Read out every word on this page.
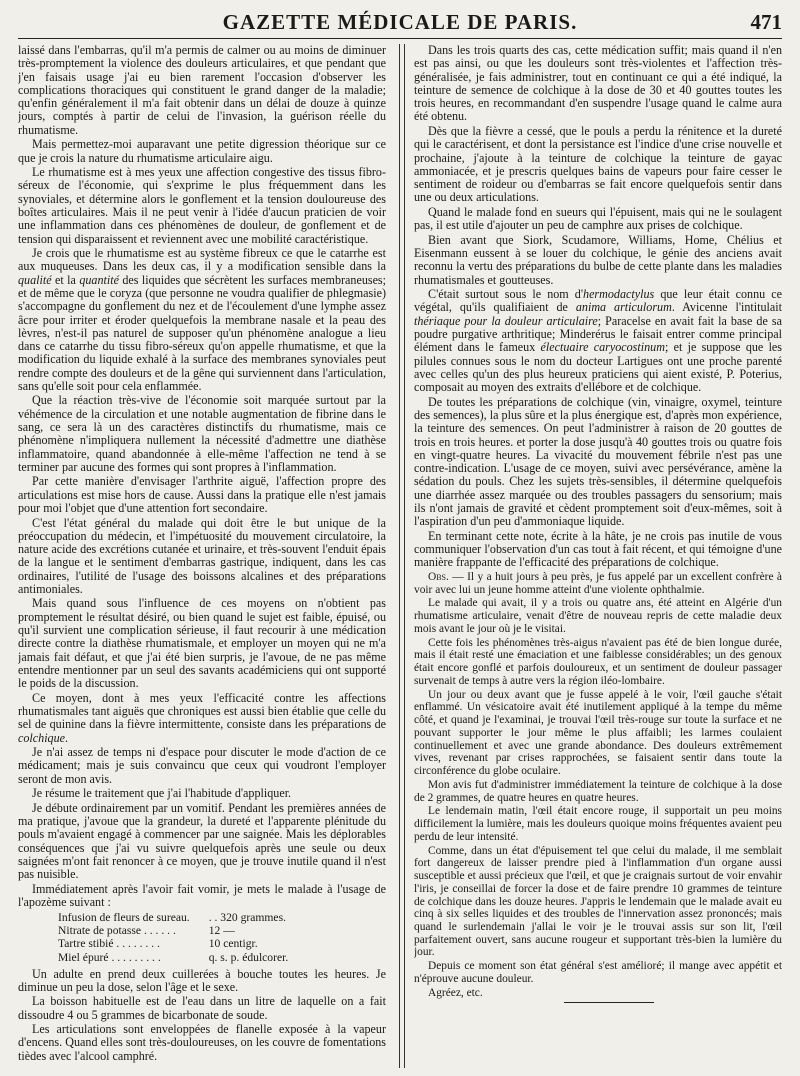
GAZETTE MÉDICALE DE PARIS.	471

laissé dans l'embarras, qu'il m'a permis de calmer ou au moins de diminuer très-promptement la violence des douleurs articulaires, et que pendant que j'en faisais usage j'ai eu bien rarement l'occasion d'observer les complications thoraciques qui constituent le grand danger de la maladie; qu'enfin généralement il m'a fait obtenir dans un délai de douze à quinze jours, comptés à partir de celui de l'invasion, la guérison réelle du rhumatisme.

Mais permettez-moi auparavant une petite digression théorique sur ce que je crois la nature du rhumatisme articulaire aigu.

Le rhumatisme est à mes yeux une affection congestive des tissus fibro-séreux de l'économie, qui s'exprime le plus fréquemment dans les synoviales, et détermine alors le gonflement et la tension douloureuse des boîtes articulaires. Mais il ne peut venir à l'idée d'aucun praticien de voir une inflammation dans ces phénomènes de douleur, de gonflement et de tension qui disparaissent et reviennent avec une mobilité caractéristique.

Je crois que le rhumatisme est au système fibreux ce que le catarrhe est aux muqueuses. Dans les deux cas, il y a modification sensible dans la qualité et la quantité des liquides que sécrètent les surfaces membraneuses; et de même que le coryza (que personne ne voudra qualifier de phlegmasie) s'accompagne du gonflement du nez et de l'écoulement d'une lymphe assez âcre pour irriter et éroder quelquefois la membrane nasale et la peau des lèvres, n'est-il pas naturel de supposer qu'un phénomène analogue a lieu dans ce catarrhe du tissu fibro-séreux qu'on appelle rhumatisme, et que la modification du liquide exhalé à la surface des membranes synoviales peut rendre compte des douleurs et de la gêne qui surviennent dans l'articulation, sans qu'elle soit pour cela enflammée.

Que la réaction très-vive de l'économie soit marquée surtout par la véhémence de la circulation et une notable augmentation de fibrine dans le sang, ce sera là un des caractères distinctifs du rhumatisme, mais ce phénomène n'impliquera nullement la nécessité d'admettre une diathèse inflammatoire, quand abandonnée à elle-même l'affection ne tend à se terminer par aucune des formes qui sont propres à l'inflammation.

Par cette manière d'envisager l'arthrite aiguë, l'affection propre des articulations est mise hors de cause. Aussi dans la pratique elle n'est jamais pour moi l'objet que d'une attention fort secondaire.

C'est l'état général du malade qui doit être le but unique de la préoccupation du médecin, et l'impétuosité du mouvement circulatoire, la nature acide des excrétions cutanée et urinaire, et très-souvent l'enduit épais de la langue et le sentiment d'embarras gastrique, indiquent, dans les cas ordinaires, l'utilité de l'usage des boissons alcalines et des préparations antimoniales.

Mais quand sous l'influence de ces moyens on n'obtient pas promptement le résultat désiré, ou bien quand le sujet est faible, épuisé, ou qu'il survient une complication sérieuse, il faut recourir à une médication directe contre la diathèse rhumatismale, et employer un moyen qui ne m'a jamais fait défaut, et que j'ai été bien surpris, je l'avoue, de ne pas même entendre mentionner par un seul des savants académiciens qui ont supporté le poids de la discussion.

Ce moyen, dont à mes yeux l'efficacité contre les affections rhumatismales tant aiguës que chroniques est aussi bien établie que celle du sel de quinine dans la fièvre intermittente, consiste dans les préparations de colchique.

Je n'ai assez de temps ni d'espace pour discuter le mode d'action de ce médicament; mais je suis convaincu que ceux qui voudront l'employer seront de mon avis.

Je résume le traitement que j'ai l'habitude d'appliquer.

Je débute ordinairement par un vomitif. Pendant les premières années de ma pratique, j'avoue que la grandeur, la dureté et l'apparente plénitude du pouls m'avaient engagé à commencer par une saignée. Mais les déplorables conséquences que j'ai vu suivre quelquefois après une seule ou deux saignées m'ont fait renoncer à ce moyen, que je trouve inutile quand il n'est pas nuisible.

Immédiatement après l'avoir fait vomir, je mets le malade à l'usage de l'apozème suivant :

Infusion de fleurs de sureau.	. . 320 grammes.
Nitrate de potasse . . . . . .	12 —
Tartre stibié . . . . . . . .	10 centigr.
Miel épuré . . . . . . . . .	q. s. p. édulcorer.

Un adulte en prend deux cuillerées à bouche toutes les heures. Je diminue un peu la dose, selon l'âge et le sexe.

La boisson habituelle est de l'eau dans un litre de laquelle on a fait dissoudre 4 ou 5 grammes de bicarbonate de soude.

Les articulations sont enveloppées de flanelle exposée à la vapeur d'encens. Quand elles sont très-douloureuses, on les couvre de fomentations tièdes avec l'alcool camphré.

Dans les trois quarts des cas, cette médication suffit; mais quand il n'en est pas ainsi, ou que les douleurs sont très-violentes et l'affection très-généralisée, je fais administrer, tout en continuant ce qui a été indiqué, la teinture de semence de colchique à la dose de 30 et 40 gouttes toutes les trois heures, en recommandant d'en suspendre l'usage quand le calme aura été obtenu.

Dès que la fièvre a cessé, que le pouls a perdu la rénitence et la dureté qui le caractérisent, et dont la persistance est l'indice d'une crise nouvelle et prochaine, j'ajoute à la teinture de colchique la teinture de gayac ammoniacée, et je prescris quelques bains de vapeurs pour faire cesser le sentiment de roideur ou d'embarras se fait encore quelquefois sentir dans une ou deux articulations.

Quand le malade fond en sueurs qui l'épuisent, mais qui ne le soulagent pas, il est utile d'ajouter un peu de camphre aux prises de colchique.

Bien avant que Siork, Scudamore, Williams, Home, Chélius et Eisenmann eussent à se louer du colchique, le génie des anciens avait reconnu la vertu des préparations du bulbe de cette plante dans les maladies rhumatismales et goutteuses.

C'était surtout sous le nom d'hermodactylus que leur était connu ce végétal, qu'ils qualifiaient de anima articulorum. Avicenne l'intitulait thériaque pour la douleur articulaire; Paracelse en avait fait la base de sa poudre purgative arthritique; Minderérus le faisait entrer comme principal élément dans le fameux électuaire caryocostinum; et je suppose que les pilules connues sous le nom du docteur Lartigues ont une proche parenté avec celles qu'un des plus heureux praticiens qui aient existé, P. Poterius, composait au moyen des extraits d'ellébore et de colchique.

De toutes les préparations de colchique (vin, vinaigre, oxymel, teinture des semences), la plus sûre et la plus énergique est, d'après mon expérience, la teinture des semences. On peut l'administrer à raison de 20 gouttes de trois en trois heures. et porter la dose jusqu'à 40 gouttes trois ou quatre fois en vingt-quatre heures. La vivacité du mouvement fébrile n'est pas une contre-indication. L'usage de ce moyen, suivi avec persévérance, amène la sédation du pouls. Chez les sujets très-sensibles, il détermine quelquefois une diarrhée assez marquée ou des troubles passagers du sensorium; mais ils n'ont jamais de gravité et cèdent promptement soit d'eux-mêmes, soit à l'aspiration d'un peu d'ammoniaque liquide.

En terminant cette note, écrite à la hâte, je ne crois pas inutile de vous communiquer l'observation d'un cas tout à fait récent, et qui témoigne d'une manière frappante de l'efficacité des préparations de colchique.

Obs. — Il y a huit jours à peu près, je fus appelé par un excellent confrère à voir avec lui un jeune homme atteint d'une violente ophthalmie.

Le malade qui avait, il y a trois ou quatre ans, été atteint en Algérie d'un rhumatisme articulaire, venait d'être de nouveau repris de cette maladie deux mois avant le jour où je le visitai.

Cette fois les phénomènes très-aigus n'avaient pas été de bien longue durée, mais il était resté une émaciation et une faiblesse considérables; un des genoux était encore gonflé et parfois douloureux, et un sentiment de douleur passager survenait de temps à autre vers la région iléo-lombaire.

Un jour ou deux avant que je fusse appelé à le voir, l'œil gauche s'était enflammé. Un vésicatoire avait été inutilement appliqué à la tempe du même côté, et quand je l'examinai, je trouvai l'œil très-rouge sur toute la surface et ne pouvant supporter le jour même le plus affaibli; les larmes coulaient continuellement et avec une grande abondance. Des douleurs extrêmement vives, revenant par crises rapprochées, se faisaient sentir dans toute la circonférence du globe oculaire.

Mon avis fut d'administrer immédiatement la teinture de colchique à la dose de 2 grammes, de quatre heures en quatre heures.

Le lendemain matin, l'œil était encore rouge, il supportait un peu moins difficilement la lumière, mais les douleurs quoique moins fréquentes avaient peu perdu de leur intensité.

Comme, dans un état d'épuisement tel que celui du malade, il me semblait fort dangereux de laisser prendre pied à l'inflammation d'un organe aussi susceptible et aussi précieux que l'œil, et que je craignais surtout de voir envahir l'iris, je conseillai de forcer la dose et de faire prendre 10 grammes de teinture de colchique dans les douze heures. J'appris le lendemain que le malade avait eu cinq à six selles liquides et des troubles de l'innervation assez prononcés; mais quand le surlendemain j'allai le voir je le trouvai assis sur son lit, l'œil parfaitement ouvert, sans aucune rougeur et supportant très-bien la lumière du jour.

Depuis ce moment son état général s'est amélioré; il mange avec appétit et n'éprouve aucune douleur.

Agréez, etc.
